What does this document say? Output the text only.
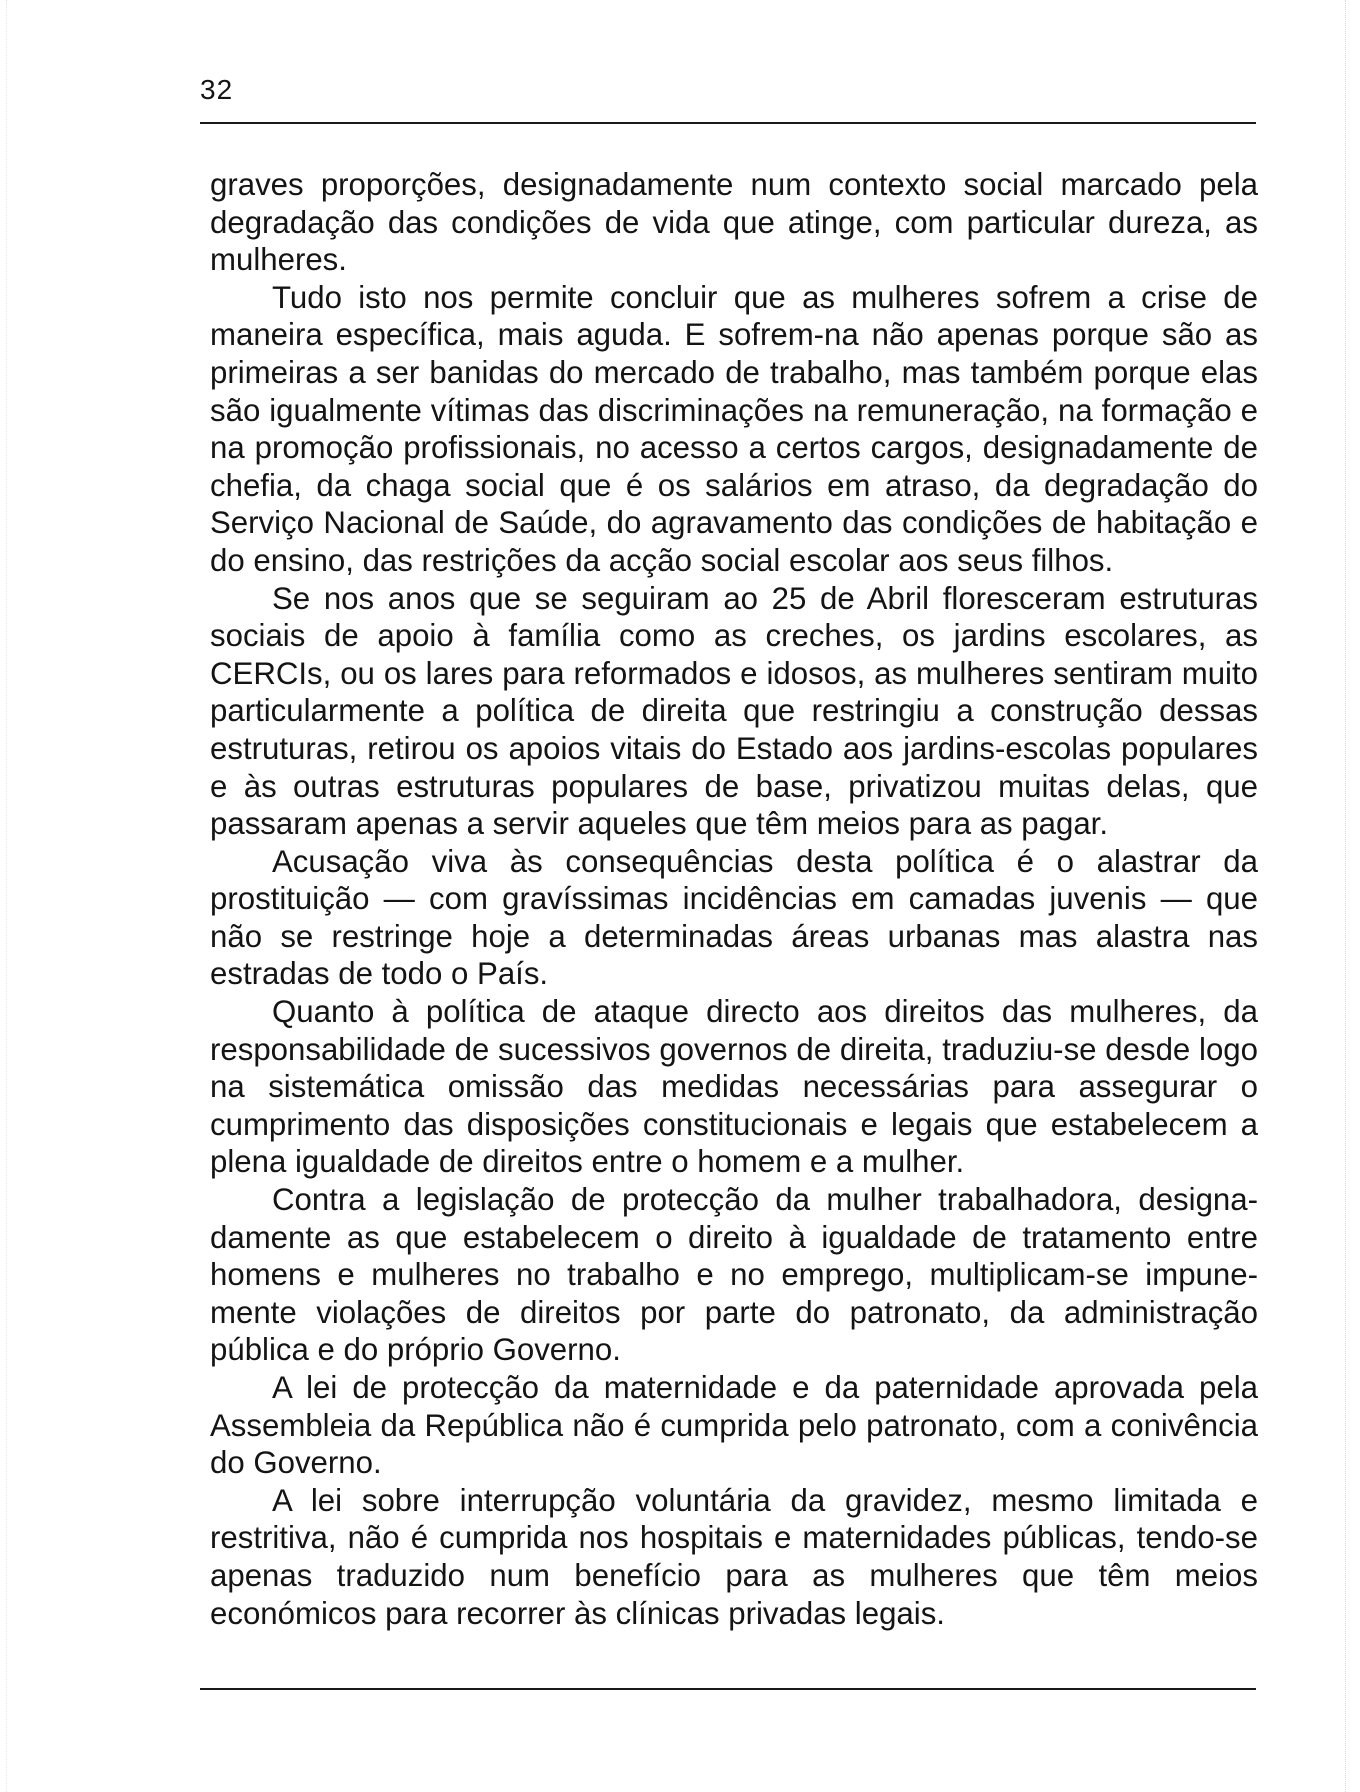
32

graves proporções, designadamente num contexto social marcado pela degradação das condições de vida que atinge, com particular dureza, as mulheres.

Tudo isto nos permite concluir que as mulheres sofrem a crise de maneira específica, mais aguda. E sofrem-na não apenas porque são as primeiras a ser banidas do mercado de trabalho, mas também porque elas são igualmente vítimas das discriminações na remuneração, na formação e na promoção profissionais, no acesso a certos cargos, designadamente de chefia, da chaga social que é os salários em atraso, da degradação do Serviço Nacional de Saúde, do agravamento das condições de habitação e do ensino, das restrições da acção social escolar aos seus filhos.

Se nos anos que se seguiram ao 25 de Abril floresceram estruturas sociais de apoio à família como as creches, os jardins escolares, as CERCIs, ou os lares para reformados e idosos, as mulheres sentiram muito particularmente a política de direita que restringiu a construção dessas estruturas, retirou os apoios vitais do Estado aos jardins-escolas populares e às outras estruturas populares de base, privatizou muitas delas, que passaram apenas a servir aqueles que têm meios para as pagar.

Acusação viva às consequências desta política é o alastrar da prostituição — com gravíssimas incidências em camadas juvenis — que não se restringe hoje a determinadas áreas urbanas mas alastra nas estradas de todo o País.

Quanto à política de ataque directo aos direitos das mulheres, da responsabilidade de sucessivos governos de direita, traduziu-se desde logo na sistemática omissão das medidas necessárias para assegurar o cumprimento das disposições constitucionais e legais que estabelecem a plena igualdade de direitos entre o homem e a mulher.

Contra a legislação de protecção da mulher trabalhadora, designadamente as que estabelecem o direito à igualdade de tratamento entre homens e mulheres no trabalho e no emprego, multiplicam-se impunemente violações de direitos por parte do patronato, da administração pública e do próprio Governo.

A lei de protecção da maternidade e da paternidade aprovada pela Assembleia da República não é cumprida pelo patronato, com a conivência do Governo.

A lei sobre interrupção voluntária da gravidez, mesmo limitada e restritiva, não é cumprida nos hospitais e maternidades públicas, tendo-se apenas traduzido num benefício para as mulheres que têm meios económicos para recorrer às clínicas privadas legais.
